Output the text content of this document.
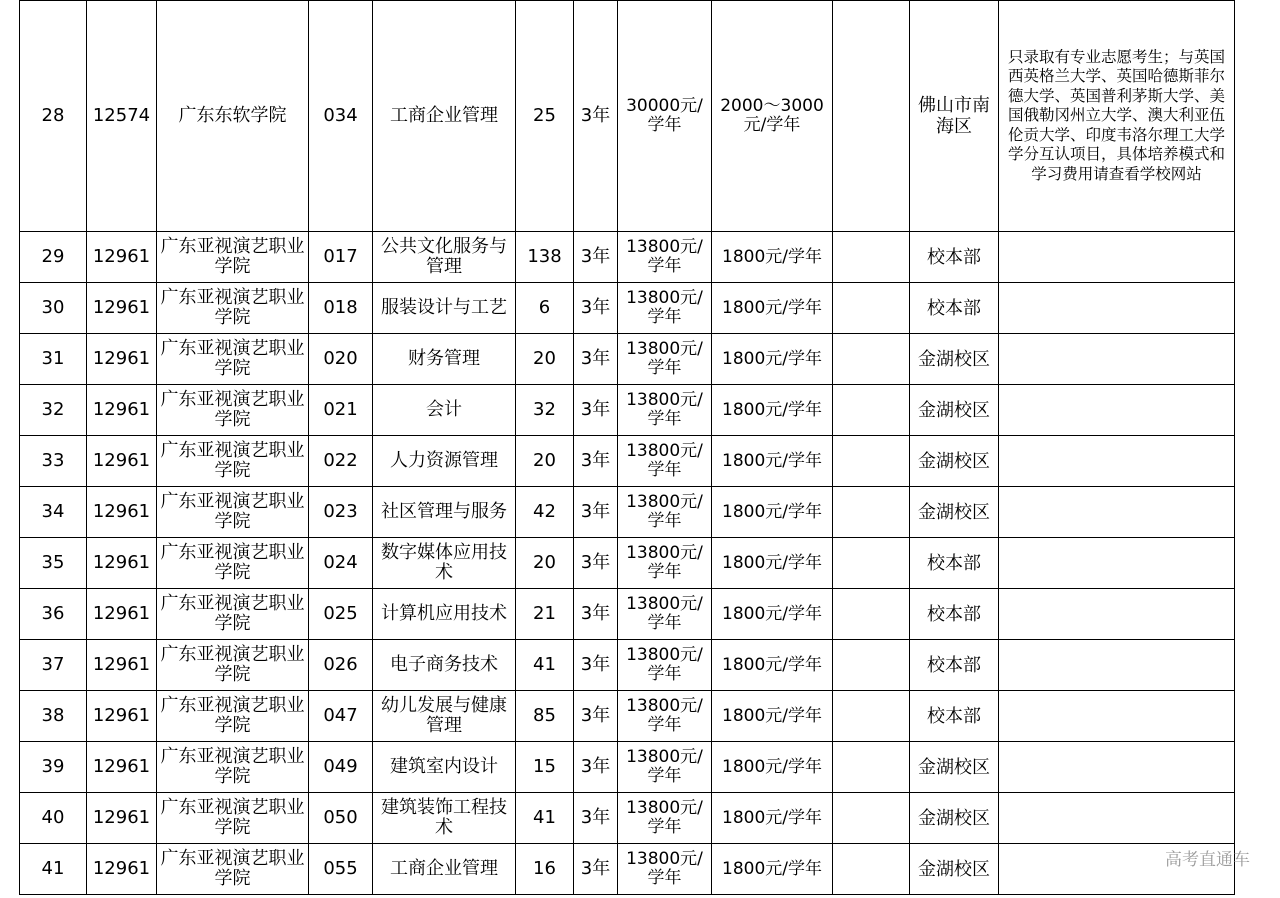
28	12574	广东东软学院	034	工商企业管理	25	3年	30000元/学年	2000～3000元/学年		佛山市南海区	只录取有专业志愿考生；与英国西英格兰大学、英国哈德斯菲尔德大学、英国普利茅斯大学、美国俄勒冈州立大学、澳大利亚伍伦贡大学、印度韦洛尔理工大学学分互认项目，具体培养模式和学习费用请查看学校网站
29	12961	广东亚视演艺职业学院	017	公共文化服务与管理	138	3年	13800元/学年	1800元/学年		校本部	
30	12961	广东亚视演艺职业学院	018	服装设计与工艺	6	3年	13800元/学年	1800元/学年		校本部	
31	12961	广东亚视演艺职业学院	020	财务管理	20	3年	13800元/学年	1800元/学年		金湖校区	
32	12961	广东亚视演艺职业学院	021	会计	32	3年	13800元/学年	1800元/学年		金湖校区	
33	12961	广东亚视演艺职业学院	022	人力资源管理	20	3年	13800元/学年	1800元/学年		金湖校区	
34	12961	广东亚视演艺职业学院	023	社区管理与服务	42	3年	13800元/学年	1800元/学年		金湖校区	
35	12961	广东亚视演艺职业学院	024	数字媒体应用技术	20	3年	13800元/学年	1800元/学年		校本部	
36	12961	广东亚视演艺职业学院	025	计算机应用技术	21	3年	13800元/学年	1800元/学年		校本部	
37	12961	广东亚视演艺职业学院	026	电子商务技术	41	3年	13800元/学年	1800元/学年		校本部	
38	12961	广东亚视演艺职业学院	047	幼儿发展与健康管理	85	3年	13800元/学年	1800元/学年		校本部	
39	12961	广东亚视演艺职业学院	049	建筑室内设计	15	3年	13800元/学年	1800元/学年		金湖校区	
40	12961	广东亚视演艺职业学院	050	建筑装饰工程技术	41	3年	13800元/学年	1800元/学年		金湖校区	
41	12961	广东亚视演艺职业学院	055	工商企业管理	16	3年	13800元/学年	1800元/学年		金湖校区		高考直通车
